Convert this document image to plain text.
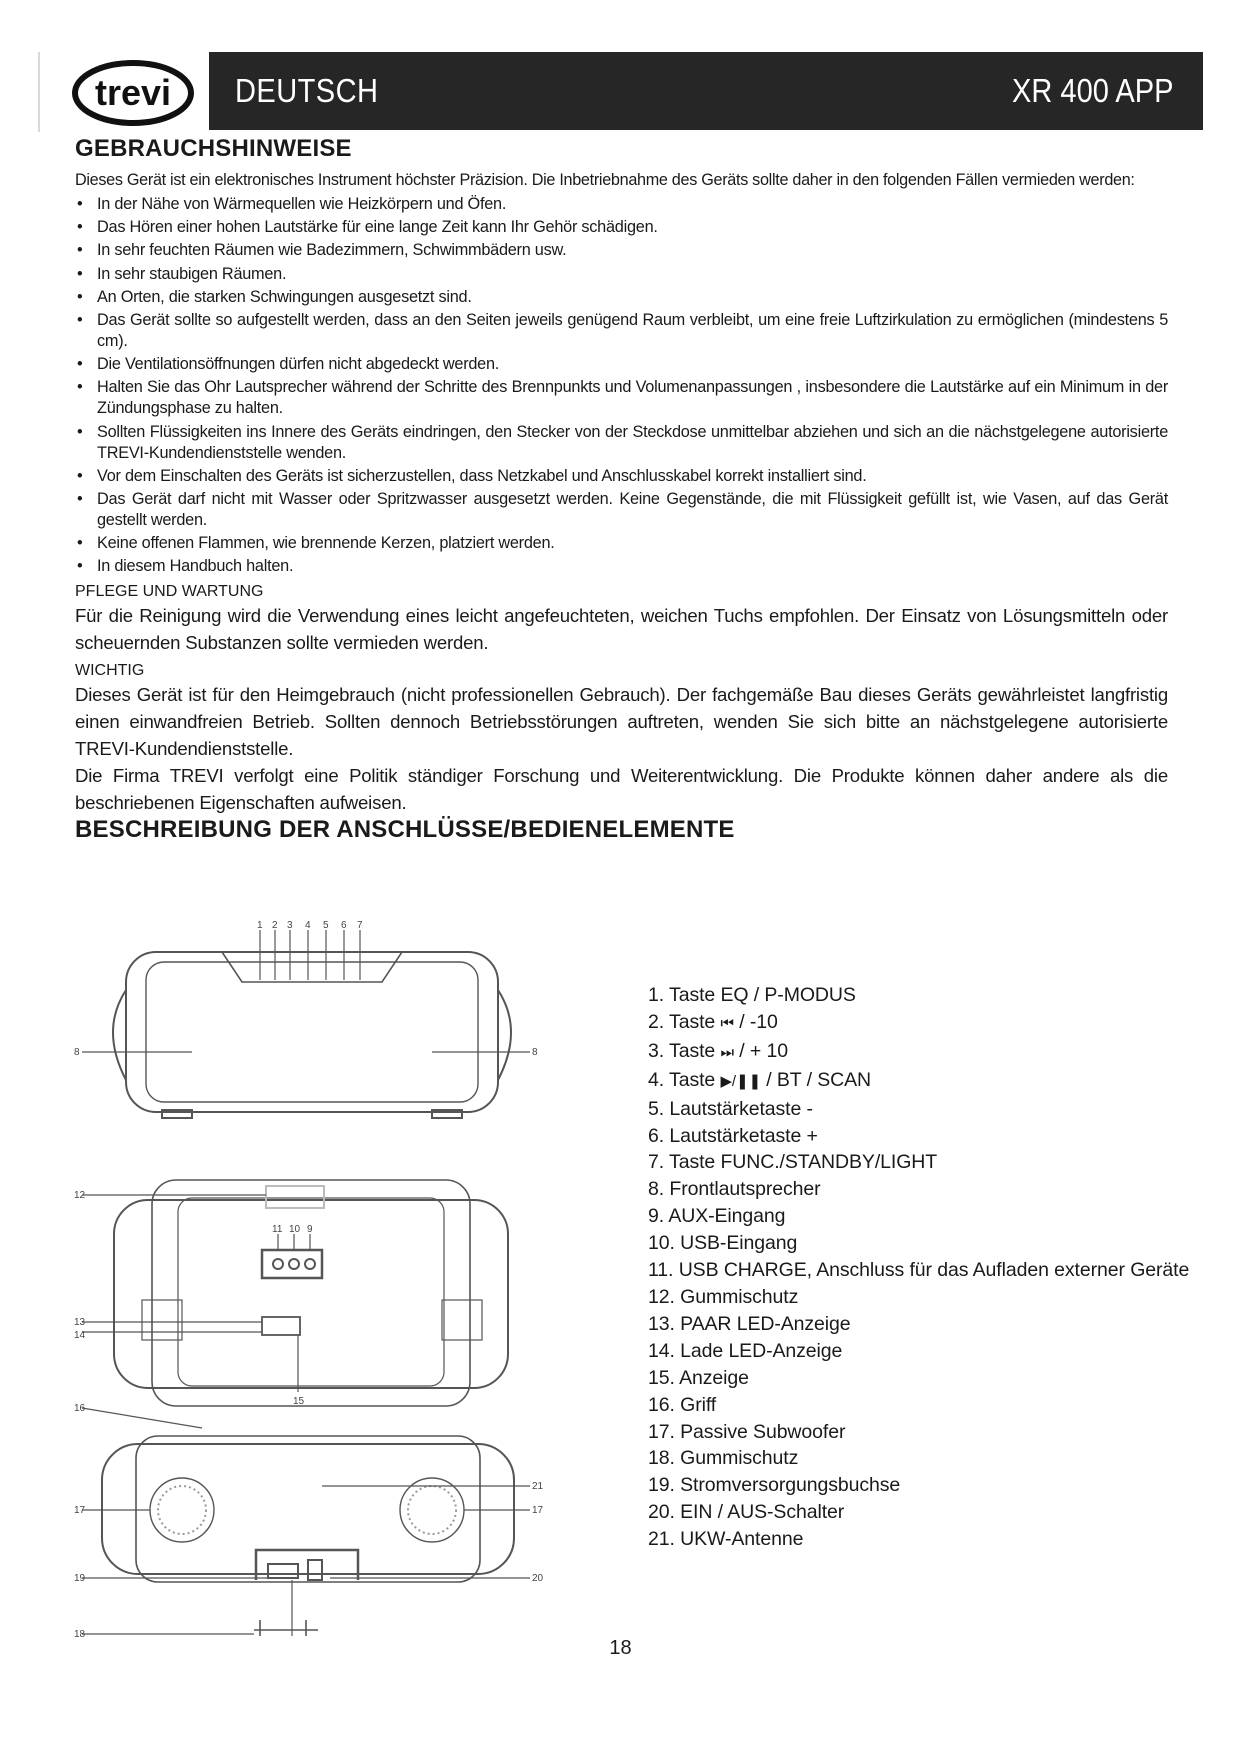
trevi DEUTSCH	XR 400 APP
GEBRAUCHSHINWEISE
Dieses Gerät ist ein elektronisches Instrument höchster Präzision. Die Inbetriebnahme des Geräts sollte daher in den folgenden Fällen vermieden werden:
• In der Nähe von Wärmequellen wie Heizkörpern und Öfen.
• Das Hören einer hohen Lautstärke für eine lange Zeit kann Ihr Gehör schädigen.
• In sehr feuchten Räumen wie Badezimmern, Schwimmbädern usw.
• In sehr staubigen Räumen.
• An Orten, die starken Schwingungen ausgesetzt sind.
• Das Gerät sollte so aufgestellt werden, dass an den Seiten jeweils genügend Raum verbleibt, um eine freie Luftzirkulation zu ermöglichen (mindestens 5 cm).
• Die Ventilationsöffnungen dürfen nicht abgedeckt werden.
• Halten Sie das Ohr Lautsprecher während der Schritte des Brennpunkts und Volumenanpassungen , insbesondere die Lautstärke auf ein Minimum in der Zündungsphase zu halten.
• Sollten Flüssigkeiten ins Innere des Geräts eindringen, den Stecker von der Steckdose unmittelbar abziehen und sich an die nächstgelegene autorisierte TREVI-Kundendienststelle wenden.
• Vor dem Einschalten des Geräts ist sicherzustellen, dass Netzkabel und Anschlusskabel korrekt installiert sind.
• Das Gerät darf nicht mit Wasser oder Spritzwasser ausgesetzt werden. Keine Gegenstände, die mit Flüssigkeit gefüllt ist, wie Vasen, auf das Gerät gestellt werden.
• Keine offenen Flammen, wie brennende Kerzen, platziert werden.
• In diesem Handbuch halten.
PFLEGE UND WARTUNG
Für die Reinigung wird die Verwendung eines leicht angefeuchteten, weichen Tuchs empfohlen. Der Einsatz von Lösungsmitteln oder scheuernden Substanzen sollte vermieden werden.
WICHTIG
Dieses Gerät ist für den Heimgebrauch (nicht professionellen Gebrauch). Der fachgemäße Bau dieses Geräts gewährleistet langfristig einen einwandfreien Betrieb. Sollten dennoch Betriebsstörungen auftreten, wenden Sie sich bitte an nächstgelegene autorisierte TREVI-Kundendienststelle.
Die Firma TREVI verfolgt eine Politik ständiger Forschung und Weiterentwicklung. Die Produkte können daher andere als die beschriebenen Eigenschaften aufweisen.
BESCHREIBUNG DER ANSCHLÜSSE/BEDIENELEMENTE
1 2 3 4 5 6 7
8	8
12
11 10 9
13
14
15
16
17	17
21
19	20
18
1. Taste EQ / P-MODUS
2. Taste ⏮ / -10
3. Taste ⏭ / + 10
4. Taste ▶/❚❚ / BT / SCAN
5. Lautstärketaste -
6. Lautstärketaste +
7. Taste FUNC./STANDBY/LIGHT
8. Frontlautsprecher
9. AUX-Eingang
10. USB-Eingang
11. USB CHARGE, Anschluss für das Aufladen externer Geräte
12. Gummischutz
13. PAAR LED-Anzeige
14. Lade LED-Anzeige
15. Anzeige
16. Griff
17. Passive Subwoofer
18. Gummischutz
19. Stromversorgungsbuchse
20. EIN / AUS-Schalter
21. UKW-Antenne
18
